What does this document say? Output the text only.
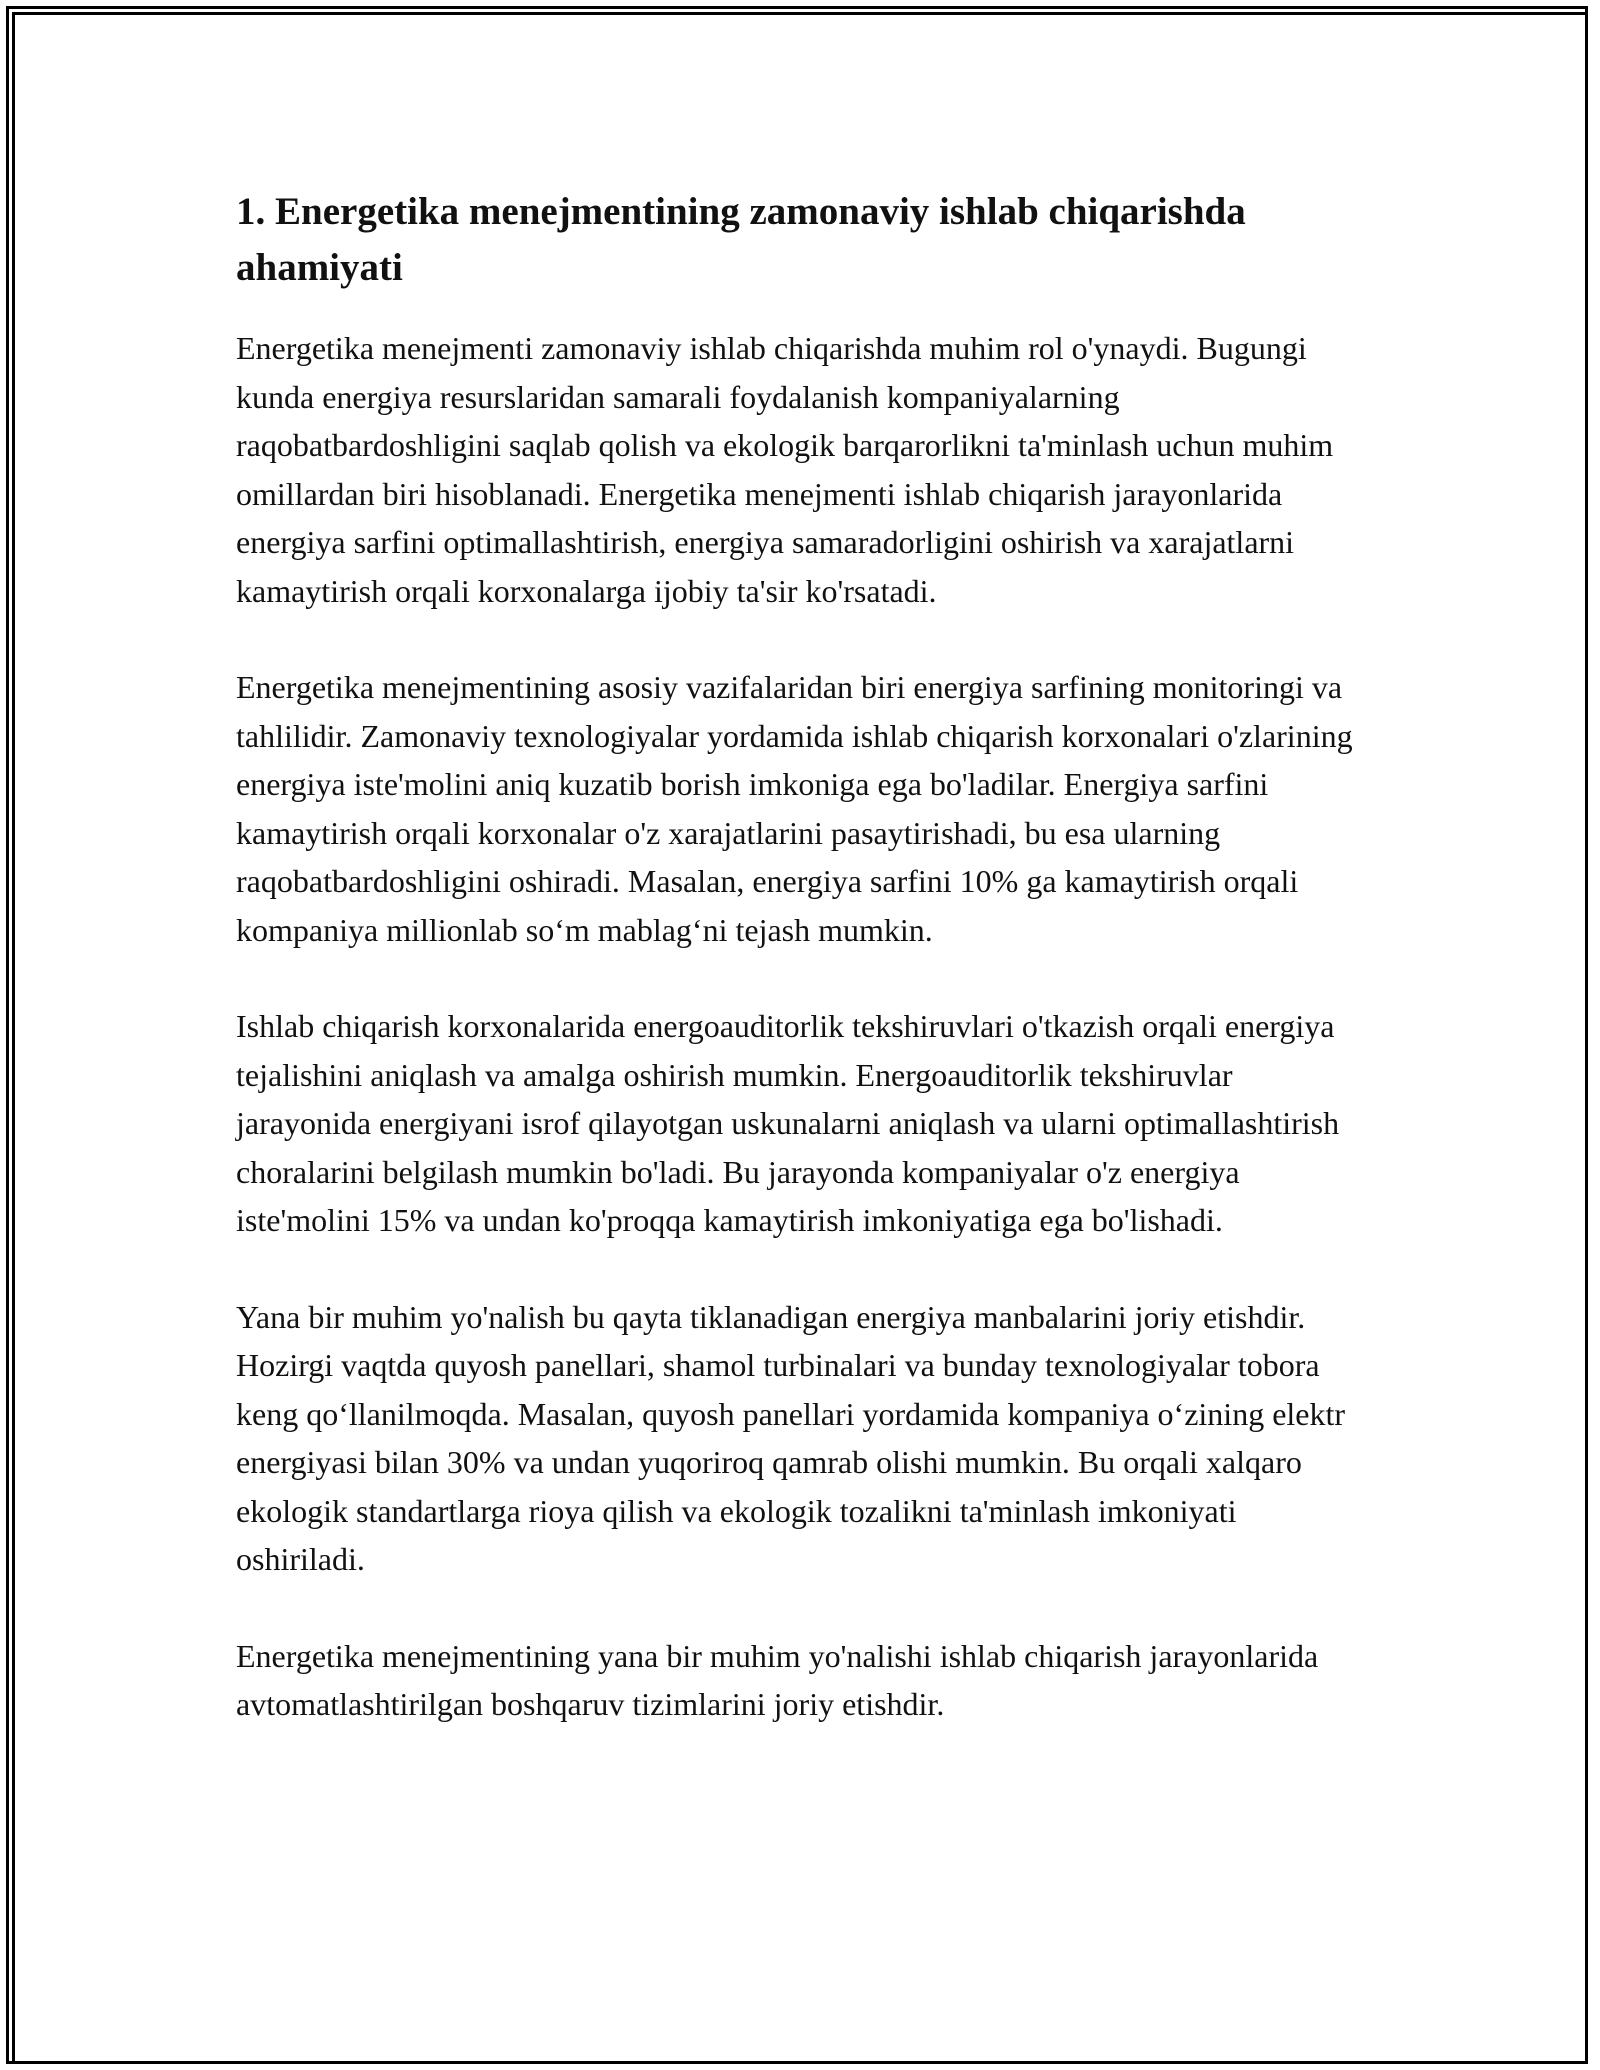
1. Energetika menejmentining zamonaviy ishlab chiqarishda ahamiyati

Energetika menejmenti zamonaviy ishlab chiqarishda muhim rol o'ynaydi. Bugungi kunda energiya resurslaridan samarali foydalanish kompaniyalarning raqobatbardoshligini saqlab qolish va ekologik barqarorlikni ta'minlash uchun muhim omillardan biri hisoblanadi. Energetika menejmenti ishlab chiqarish jarayonlarida energiya sarfini optimallashtirish, energiya samaradorligini oshirish va xarajatlarni kamaytirish orqali korxonalarga ijobiy ta'sir ko'rsatadi.

Energetika menejmentining asosiy vazifalaridan biri energiya sarfining monitoringi va tahlilidir. Zamonaviy texnologiyalar yordamida ishlab chiqarish korxonalari o'zlarining energiya iste'molini aniq kuzatib borish imkoniga ega bo'ladilar. Energiya sarfini kamaytirish orqali korxonalar o'z xarajatlarini pasaytirishadi, bu esa ularning raqobatbardoshligini oshiradi. Masalan, energiya sarfini 10% ga kamaytirish orqali kompaniya millionlab so‘m mablag‘ni tejash mumkin.

Ishlab chiqarish korxonalarida energoauditorlik tekshiruvlari o'tkazish orqali energiya tejalishini aniqlash va amalga oshirish mumkin. Energoauditorlik tekshiruvlar jarayonida energiyani isrof qilayotgan uskunalarni aniqlash va ularni optimallashtirish choralarini belgilash mumkin bo'ladi. Bu jarayonda kompaniyalar o'z energiya iste'molini 15% va undan ko'proqqa kamaytirish imkoniyatiga ega bo'lishadi.

Yana bir muhim yo'nalish bu qayta tiklanadigan energiya manbalarini joriy etishdir. Hozirgi vaqtda quyosh panellari, shamol turbinalari va bunday texnologiyalar tobora keng qo‘llanilmoqda. Masalan, quyosh panellari yordamida kompaniya o‘zining elektr energiyasi bilan 30% va undan yuqoriroq qamrab olishi mumkin. Bu orqali xalqaro ekologik standartlarga rioya qilish va ekologik tozalikni ta'minlash imkoniyati oshiriladi.

Energetika menejmentining yana bir muhim yo'nalishi ishlab chiqarish jarayonlarida avtomatlashtirilgan boshqaruv tizimlarini joriy etishdir.
